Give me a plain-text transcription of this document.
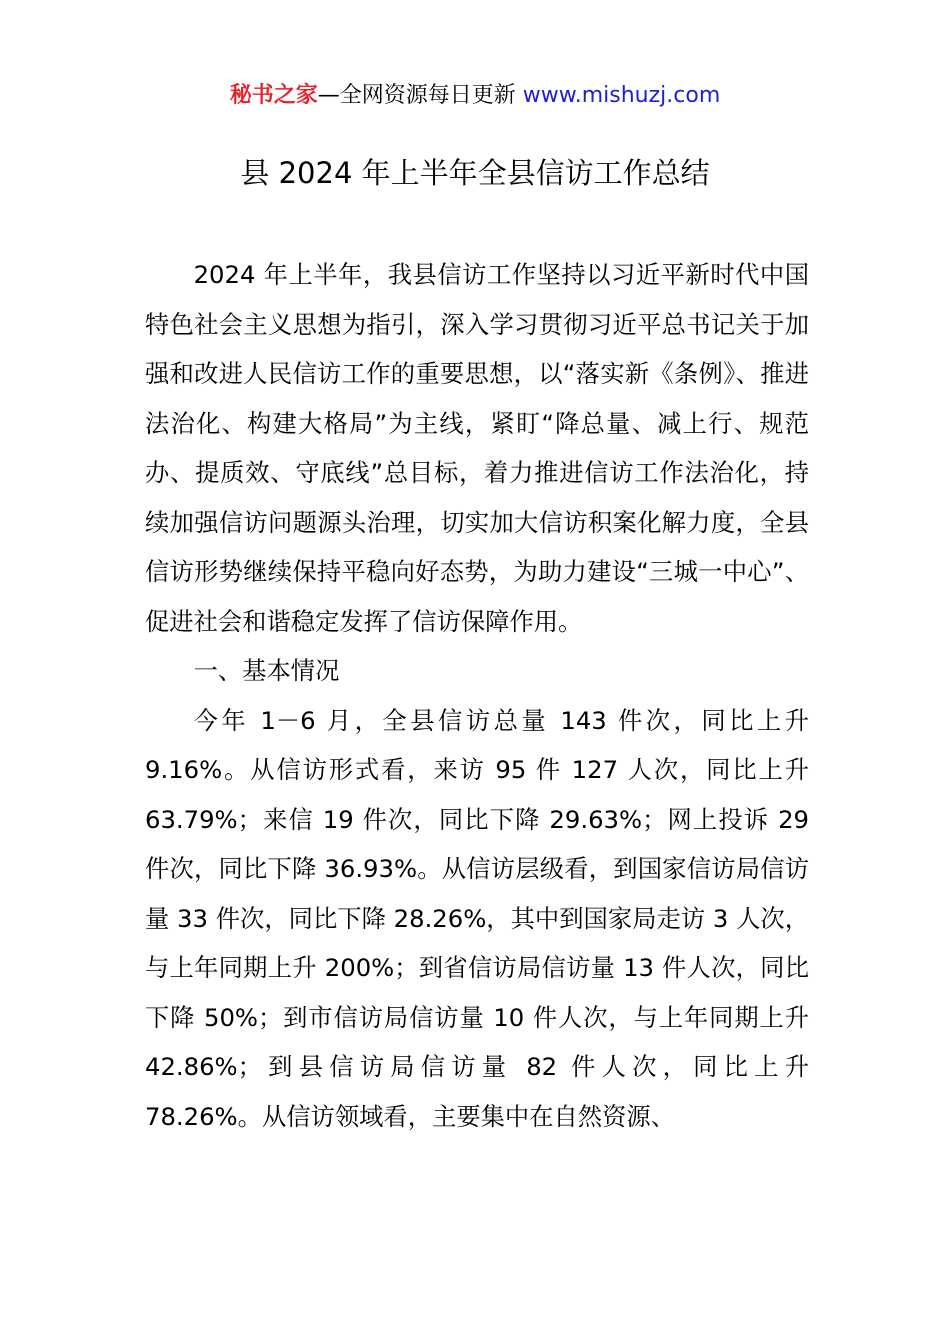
秘书之家—全网资源每日更新 www.mishuzj.com
县 2024 年上半年全县信访工作总结

2024 年上半年，我县信访工作坚持以习近平新时代中国特色社会主义思想为指引，深入学习贯彻习近平总书记关于加强和改进人民信访工作的重要思想，以“落实新《条例》、推进法治化、构建大格局”为主线，紧盯“降总量、减上行、规范办、提质效、守底线”总目标，着力推进信访工作法治化，持续加强信访问题源头治理，切实加大信访积案化解力度，全县信访形势继续保持平稳向好态势，为助力建设“三城一中心”、促进社会和谐稳定发挥了信访保障作用。

一、基本情况

今年 1－6 月，全县信访总量 143 件次，同比上升 9.16%。从信访形式看，来访 95 件 127 人次，同比上升 63.79%；来信 19 件次，同比下降 29.63%；网上投诉 29 件次，同比下降 36.93%。从信访层级看，到国家信访局信访量 33 件次，同比下降 28.26%，其中到国家局走访 3 人次，与上年同期上升 200%；到省信访局信访量 13 件人次，同比下降 50%；到市信访局信访量 10 件人次，与上年同期上升 42.86%；到县信访局信访量 82 件人次，同比上升 78.26%。从信访领域看，主要集中在自然资源、
